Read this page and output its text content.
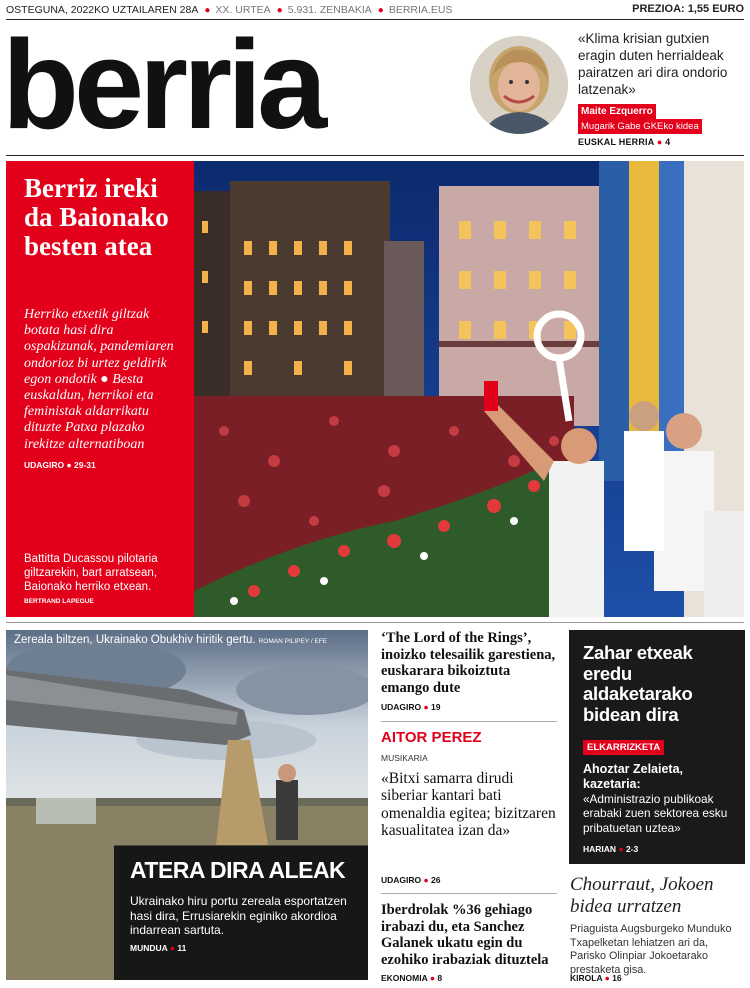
OSTEGUNA, 2022KO UZTAILAREN 28A ● XX. URTEA ● 5.931. ZENBAKIA ● BERRIA.EUS	PREZIOA: 1,55 EURO
berria	«Klima krisian gutxien eragin duten herrialdeak pairatzen ari dira ondorio latzenak»
Maite Ezquerro
Mugarik Gabe GKEko kidea
EUSKAL HERRIA ● 4
Berriz ireki da Baionako besten atea
Herriko etxetik giltzak botata hasi dira ospakizunak, pandemiaren ondorioz bi urtez geldirik egon ondotik ● Besta euskaldun, herrikoi eta feministak aldarrikatu dituzte Patxa plazako irekitze alternatiboan
UDAGIRO ● 29-31
Battitta Ducassou pilotaria giltzarekin, bart arratsean, Baionako herriko etxean.
BERTRAND LAPEGUE
Zereala biltzen, Ukrainako Obukhiv hiritik gertu. ROMAN PILIPEY / EFE
ATERA DIRA ALEAK
Ukrainako hiru portu zereala esportatzen hasi dira, Errusiarekin eginiko akordioa indarrean sartuta.
MUNDUA ● 11
‘The Lord of the Rings’, inoizko telesailik garestiena, euskarara bikoiztuta emango dute
UDAGIRO ● 19
AITOR PEREZ
MUSIKARIA
«Bitxi samarra dirudi siberiar kantari bati omenaldia egitea; bizitzaren kasualitatea izan da»
UDAGIRO ● 26
Iberdrolak %36 gehiago irabazi du, eta Sanchez Galanek ukatu egin du ezohiko irabaziak dituztela
EKONOMIA ● 8
Zahar etxeak eredu aldaketarako bidean dira
ELKARRIZKETA
Ahoztar Zelaieta, kazetaria:
«Administrazio publikoak erabaki zuen sektorea esku pribatuetan uztea»
HARIAN ● 2-3
Chourraut, Jokoen bidea urratzen
Priaguista Augsburgeko Munduko Txapelketan lehiatzen ari da, Parisko Olinpiar Jokoetarako prestaketa gisa.
KIROLA ● 16
